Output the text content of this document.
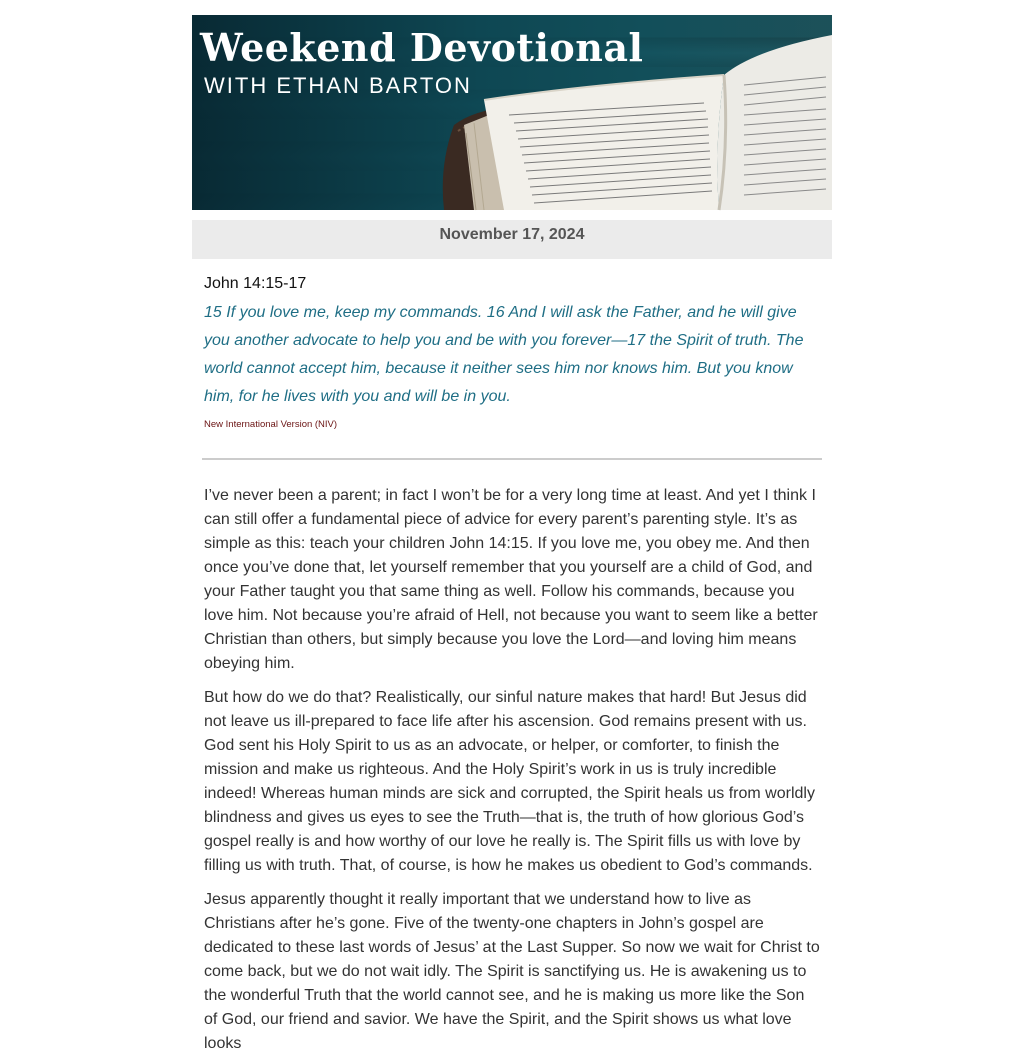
Weekend Devotional

WITH ETHAN BARTON

November 17, 2024

John 14:15-17

15 If you love me, keep my commands. 16 And I will ask the Father, and he will give you another advocate to help you and be with you forever—17 the Spirit of truth. The world cannot accept him, because it neither sees him nor knows him. But you know him, for he lives with you and will be in you.

New International Version (NIV)

I’ve never been a parent; in fact I won’t be for a very long time at least. And yet I think I can still offer a fundamental piece of advice for every parent’s parenting style. It’s as simple as this: teach your children John 14:15. If you love me, you obey me. And then once you’ve done that, let yourself remember that you yourself are a child of God, and your Father taught you that same thing as well. Follow his commands, because you love him. Not because you’re afraid of Hell, not because you want to seem like a better Christian than others, but simply because you love the Lord—and loving him means obeying him.

But how do we do that? Realistically, our sinful nature makes that hard! But Jesus did not leave us ill-prepared to face life after his ascension. God remains present with us. God sent his Holy Spirit to us as an advocate, or helper, or comforter, to finish the mission and make us righteous. And the Holy Spirit’s work in us is truly incredible indeed! Whereas human minds are sick and corrupted, the Spirit heals us from worldly blindness and gives us eyes to see the Truth—that is, the truth of how glorious God’s gospel really is and how worthy of our love he really is. The Spirit fills us with love by filling us with truth. That, of course, is how he makes us obedient to God’s commands.

Jesus apparently thought it really important that we understand how to live as Christians after he’s gone. Five of the twenty-one chapters in John’s gospel are dedicated to these last words of Jesus’ at the Last Supper. So now we wait for Christ to come back, but we do not wait idly. The Spirit is sanctifying us. He is awakening us to the wonderful Truth that the world cannot see, and he is making us more like the Son of God, our friend and savior. We have the Spirit, and the Spirit shows us what love looks
